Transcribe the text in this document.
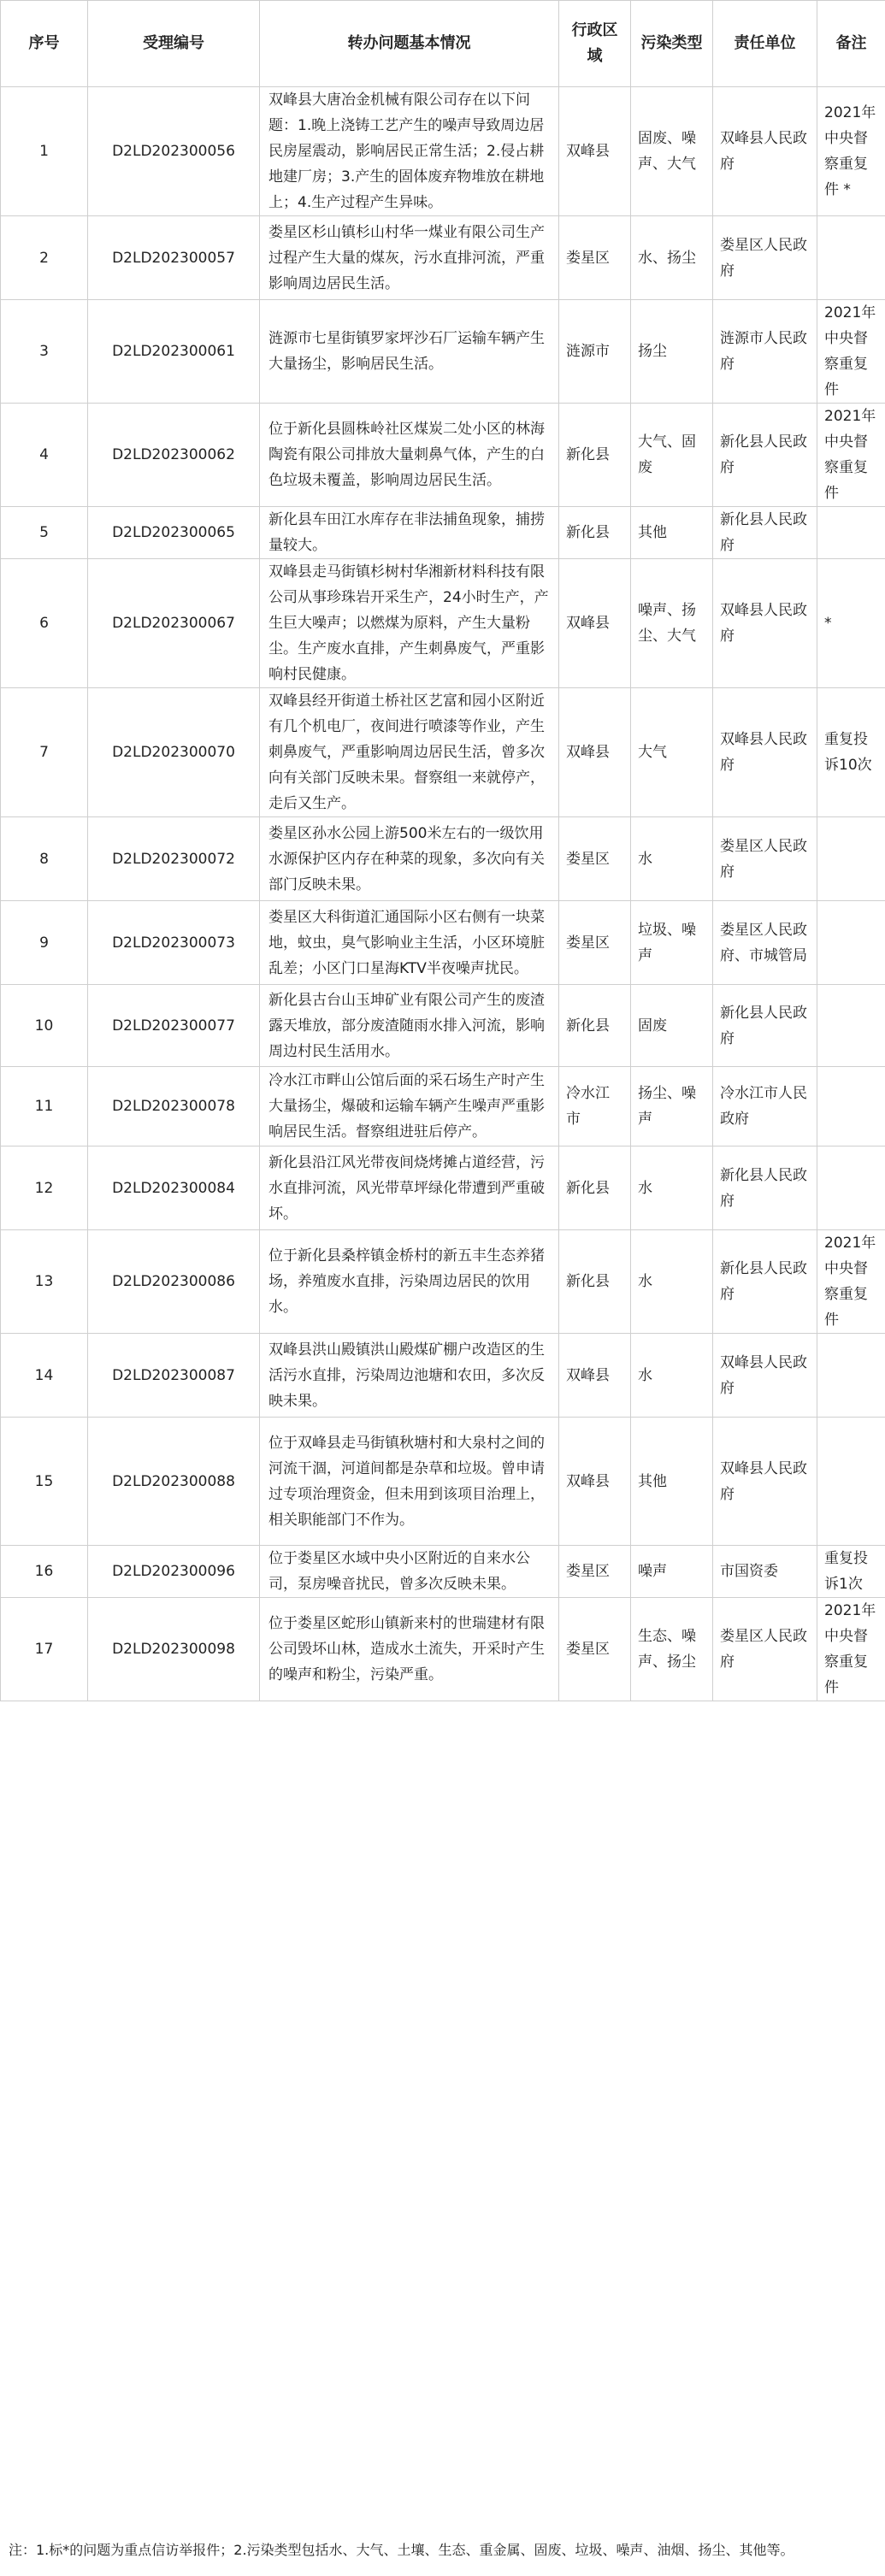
序号	受理编号	转办问题基本情况	行政区域	污染类型	责任单位	备注
1	D2LD202300056	双峰县大唐冶金机械有限公司存在以下问题：1.晚上浇铸工艺产生的噪声导致周边居民房屋震动，影响居民正常生活；2.侵占耕地建厂房；3.产生的固体废弃物堆放在耕地上；4.生产过程产生异味。	双峰县	固废、噪声、大气	双峰县人民政府	2021年中央督察重复件 *
2	D2LD202300057	娄星区杉山镇杉山村华一煤业有限公司生产过程产生大量的煤灰，污水直排河流，严重影响周边居民生活。	娄星区	水、扬尘	娄星区人民政府	
3	D2LD202300061	涟源市七星街镇罗家坪沙石厂运输车辆产生大量扬尘，影响居民生活。	涟源市	扬尘	涟源市人民政府	2021年中央督察重复件
4	D2LD202300062	位于新化县圆株岭社区煤炭二处小区的林海陶瓷有限公司排放大量刺鼻气体，产生的白色垃圾未覆盖，影响周边居民生活。	新化县	大气、固废	新化县人民政府	2021年中央督察重复件
5	D2LD202300065	新化县车田江水库存在非法捕鱼现象，捕捞量较大。	新化县	其他	新化县人民政府	
6	D2LD202300067	双峰县走马街镇杉树村华湘新材料科技有限公司从事珍珠岩开采生产，24小时生产，产生巨大噪声；以燃煤为原料，产生大量粉尘。生产废水直排，产生刺鼻废气，严重影响村民健康。	双峰县	噪声、扬尘、大气	双峰县人民政府	*
7	D2LD202300070	双峰县经开街道土桥社区艺富和园小区附近有几个机电厂，夜间进行喷漆等作业，产生刺鼻废气，严重影响周边居民生活，曾多次向有关部门反映未果。督察组一来就停产，走后又生产。	双峰县	大气	双峰县人民政府	重复投诉10次
8	D2LD202300072	娄星区孙水公园上游500米左右的一级饮用水源保护区内存在种菜的现象，多次向有关部门反映未果。	娄星区	水	娄星区人民政府	
9	D2LD202300073	娄星区大科街道汇通国际小区右侧有一块菜地，蚊虫，臭气影响业主生活，小区环境脏乱差；小区门口星海KTV半夜噪声扰民。	娄星区	垃圾、噪声	娄星区人民政府、市城管局	
10	D2LD202300077	新化县古台山玉坤矿业有限公司产生的废渣露天堆放，部分废渣随雨水排入河流，影响周边村民生活用水。	新化县	固废	新化县人民政府	
11	D2LD202300078	冷水江市畔山公馆后面的采石场生产时产生大量扬尘，爆破和运输车辆产生噪声严重影响居民生活。督察组进驻后停产。	冷水江市	扬尘、噪声	冷水江市人民政府	
12	D2LD202300084	新化县沿江风光带夜间烧烤摊占道经营，污水直排河流，风光带草坪绿化带遭到严重破坏。	新化县	水	新化县人民政府	
13	D2LD202300086	位于新化县桑梓镇金桥村的新五丰生态养猪场，养殖废水直排，污染周边居民的饮用水。	新化县	水	新化县人民政府	2021年中央督察重复件
14	D2LD202300087	双峰县洪山殿镇洪山殿煤矿棚户改造区的生活污水直排，污染周边池塘和农田，多次反映未果。	双峰县	水	双峰县人民政府	
15	D2LD202300088	位于双峰县走马街镇秋塘村和大泉村之间的河流干涸，河道间都是杂草和垃圾。曾申请过专项治理资金，但未用到该项目治理上，相关职能部门不作为。	双峰县	其他	双峰县人民政府	
16	D2LD202300096	位于娄星区水域中央小区附近的自来水公司，泵房噪音扰民，曾多次反映未果。	娄星区	噪声	市国资委	重复投诉1次
17	D2LD202300098	位于娄星区蛇形山镇新来村的世瑞建材有限公司毁坏山林，造成水土流失，开采时产生的噪声和粉尘，污染严重。	娄星区	生态、噪声、扬尘	娄星区人民政府	2021年中央督察重复件
注：1.标*的问题为重点信访举报件；2.污染类型包括水、大气、土壤、生态、重金属、固废、垃圾、噪声、油烟、扬尘、其他等。
